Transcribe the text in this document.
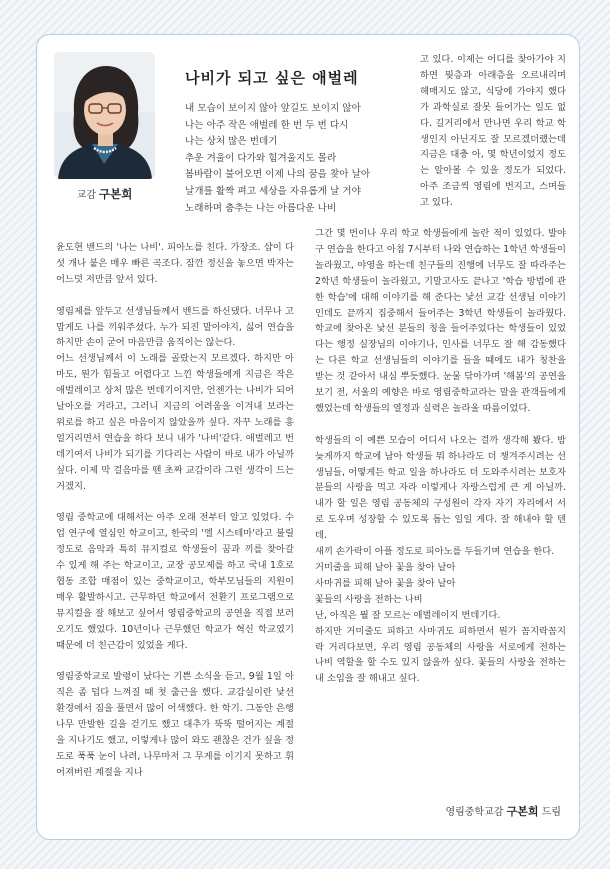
교감 구본희
나비가 되고 싶은 애벌레
내 모습이 보이지 않아 앞길도 보이지 않아
나는 아주 작은 애벌레 한 번 두 번 다시
나는 상처 많은 번데기
추운 겨울이 다가와 힘겨울지도 몰라
봄바람이 불어오면 이제 나의 꿈을 찾아 날아
날개를 활짝 펴고 세상을 자유롭게 날 거야
노래하며 춤추는 나는 아름다운 나비

고 있다. 이제는 어디를 찾아가야 지 하면 뭣층과 아래층을 오르내리며 헤매지도 않고, 식당에 가야지 했다가 과학실로 잘못 들어가는 일도 없다. 길거리에서 만나면 우리 학교 학생인지 아닌지도 잘 모르겠더랬는데 지금은 대충 아, 몇 학년이었지 정도는 알아볼 수 있을 정도가 되었다. 아주 조금씩 영림에 번지고, 스며들고 있다.

윤도현 밴드의 '나는 나비'. 피아노를 친다. 가장조. 샵이 다섯 개나 붙은 매우 빠른 곡조다. 잠깐 정신을 놓으면 박자는 어느덧 저만큼 앞서 있다.

영림제를 앞두고 선생님들께서 밴드를 하신댔다. 너무나 고맙게도 나를 끼워주셨다. 누가 되진 말아야지, 싫어 연습을 하지만 손이 굳어 마음만큼 움직이는 않는다.

어느 선생님께서 이 노래를 골랐는지 모르겠다. 하지만 아마도, 뭔가 힘들고 어렵다고 느낀 학생들에게 지금은 작은 애벌레이고 상처 많은 번데기이지만, 언젠가는 나비가 되어 날아오를 거라고, 그러니 지금의 어려움을 이겨내 보라는 위로를 하고 싶은 마음이지 않았을까 싶다. 자꾸 노래를 흥얼거리면서 연습을 하다 보니 내가 '나비'같다. 애벌레고 번데기여서 나비가 되기를 기다리는 사람이 바로 내가 아닐까 싶다. 이제 막 걸음마를 뗀 초짜 교감이라 그런 생각이 드는 거겠지.

영림 중학교에 대해서는 아주 오래 전부터 알고 있었다. 수업 연구에 열심인 학교이고, 한국의 '엘 시스테마'라고 불릴 정도로 음악과 특히 뮤지컬로 학생들이 꿈과 끼를 찾아갈 수 있게 해 주는 학교이고, 교장 공모제를 하고 국내 1호로 협동 조합 매점이 있는 중학교이고, 학부모님들의 지원이 매우 활발하시고. 근무하던 학교에서 전환기 프로그램으로 뮤지컬을 잘 해보고 싶어서 영림중학교의 공연을 직접 보러오기도 했었다. 10년이나 근무했던 학교가 혁신 학교였기 때문에 더 친근감이 있었을 게다.

영림중학교로 발령이 났다는 기쁜 소식을 듣고, 9월 1일 아직은 좀 덥다 느껴질 때 첫 출근을 했다. 교감실이란 낯선 환경에서 짐을 풀면서 많이 어색했다. 한 학기. 그동안 은행나무 만발한 길을 걷기도 했고 대추가 뚝뚝 떨어지는 계절을 지나기도 했고, 이렇게나 많이 와도 괜찮은 건가 싶을 정도로 푹푹 눈이 나려, 나무마저 그 무게를 이기지 못하고 휘어져버린 계절을 지나

그간 몇 번이나 우리 학교 학생들에게 놀란 적이 있었다. 발야구 연습을 한다고 아침 7시부터 나와 연습하는 1학년 학생들이 놀라웠고, 야영을 하는데 친구들의 진행에 너무도 잘 따라주는 2학년 학생들이 놀라웠고, 기말고사도 끝나고 '학습 방법에 관한 학습'에 대해 이야기를 해 준다는 낯선 교감 선생님 이야기인데도 끝까지 집중해서 들어주는 3학년 학생들이 놀라웠다. 학교에 찾아온 낯선 분들의 칭을 들어주었다는 학생들이 있었다는 행정 실장님의 이야기나, 인사를 너무도 잘 해 감동했다는 다른 학교 선생님들의 이야기를 들을 때에도 내가 칭찬을 받는 것 같아서 내심 뿌듯했다. 눈물 닦아가며 '해봄'의 공연을 보기 전, 서울의 예향은 바로 영림중학교라는 말을 관객들에게 했었는데 학생들의 열정과 실력은 놀라울 따름이었다.

학생들의 이 예쁜 모습이 어디서 나오는 걸까 생각해 봤다. 밤 늦게까지 학교에 남아 학생들 뭐 하나라도 더 챙겨주시려는 선생님들, 어떻게든 학교 일을 하나라도 더 도와주시려는 보호자 분들의 사랑을 먹고 자라 이렇게나 자랑스럽게 큰 게 아닐까. 내가 할 일은 영림 공동체의 구성원이 각자 자기 자리에서 서로 도우며 성장할 수 있도록 돕는 일일 게다. 잘 해내야 할 텐데.

새끼 손가락이 아플 정도로 피아노를 두들기며 연습을 한다.

거미줄을 피해 날아 꽃을 찾아 날아

사마귀를 피해 날아 꽃을 찾아 날아

꽃들의 사랑을 전하는 나비

난, 아직은 뭘 잘 모르는 애벌레이지 번데기다.

하지만 거미줄도 피하고 사마귀도 피하면서 뭔가 꼼지락꼼지락 거리다보면, 우리 영림 공동체의 사랑을 서로에게 전하는 나비 역할을 할 수도 있지 않을까 싶다. 꽃들의 사랑을 전하는 내 소임을 잘 해내고 싶다.

영림중학교감 구본희 드림
